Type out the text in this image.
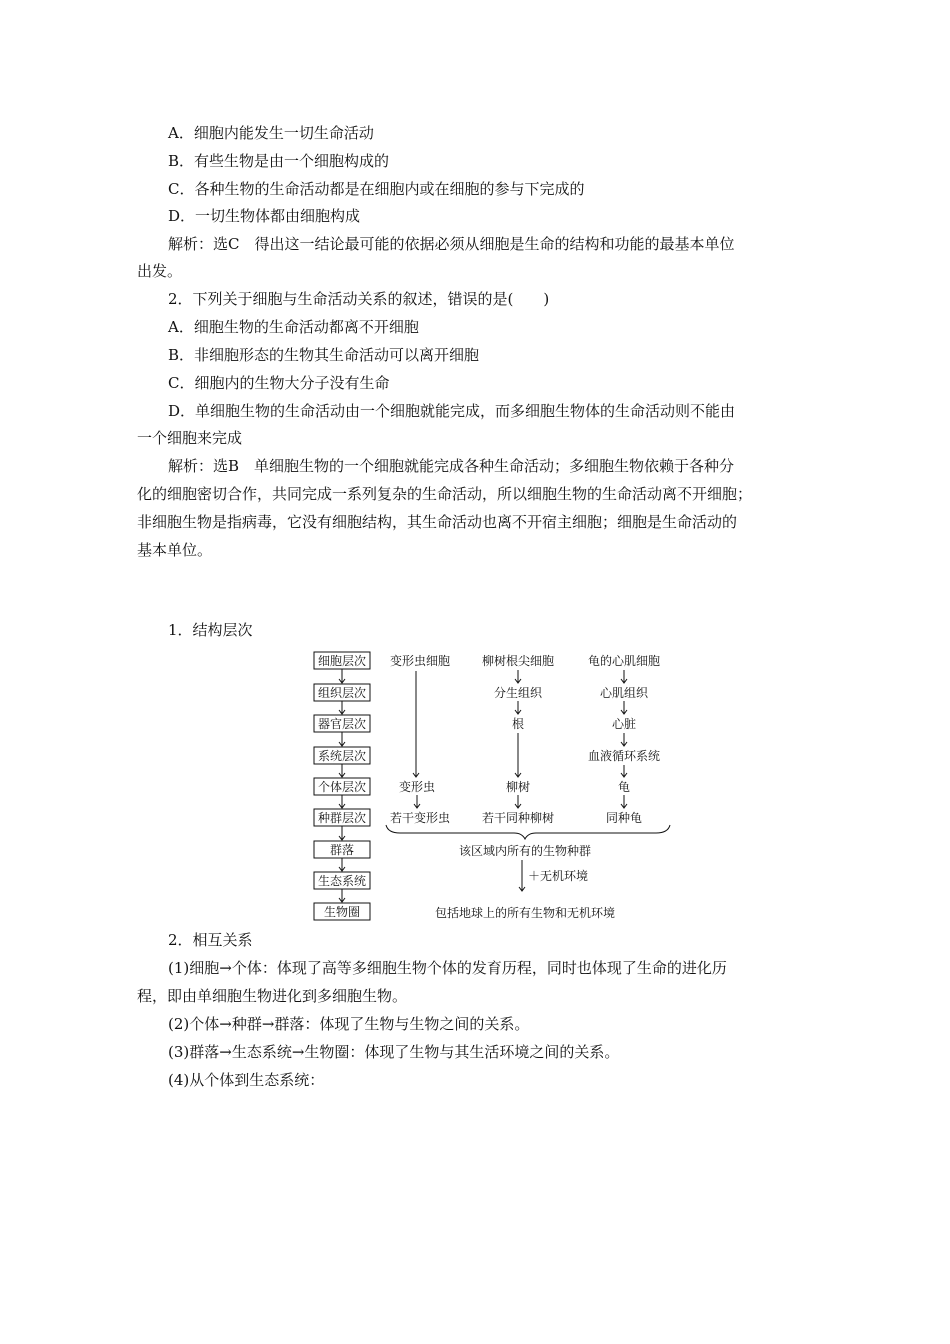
A．细胞内能发生一切生命活动
B．有些生物是由一个细胞构成的
C．各种生物的生命活动都是在细胞内或在细胞的参与下完成的
D．一切生物体都由细胞构成
解析：选C　得出这一结论最可能的依据必须从细胞是生命的结构和功能的最基本单位
出发。
2．下列关于细胞与生命活动关系的叙述，错误的是(　　)
A．细胞生物的生命活动都离不开细胞
B．非细胞形态的生物其生命活动可以离开细胞
C．细胞内的生物大分子没有生命
D．单细胞生物的生命活动由一个细胞就能完成，而多细胞生物体的生命活动则不能由
一个细胞来完成
解析：选B　单细胞生物的一个细胞就能完成各种生命活动；多细胞生物依赖于各种分
化的细胞密切合作，共同完成一系列复杂的生命活动，所以细胞生物的生命活动离不开细胞；
非细胞生物是指病毒，它没有细胞结构，其生命活动也离不开宿主细胞；细胞是生命活动的
基本单位。
1．结构层次
细胞层次
组织层次
器官层次
系统层次
个体层次
种群层次
群落
生态系统
生物圈
变形虫细胞
变形虫
若干变形虫
柳树根尖细胞
分生组织
根
柳树
若干同种柳树
龟的心肌细胞
心肌组织
心脏
血液循环系统
龟
同种龟
该区域内所有的生物种群
＋无机环境
包括地球上的所有生物和无机环境
2．相互关系
(1)细胞→个体：体现了高等多细胞生物个体的发育历程，同时也体现了生命的进化历
程，即由单细胞生物进化到多细胞生物。
(2)个体→种群→群落：体现了生物与生物之间的关系。
(3)群落→生态系统→生物圈：体现了生物与其生活环境之间的关系。
(4)从个体到生态系统：
